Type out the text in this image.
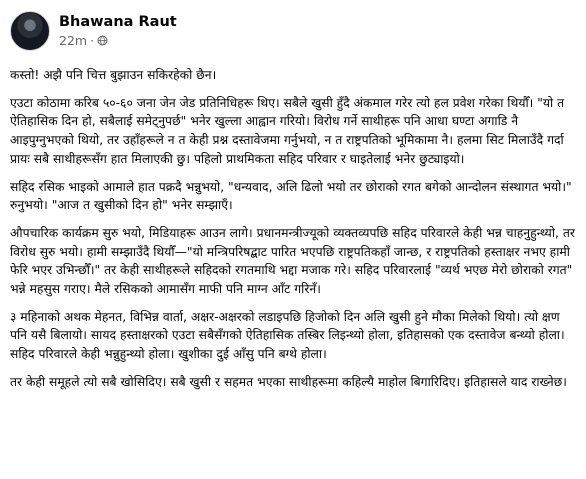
Bhawana Raut
22m ·

कस्तो! अझै पनि चित्त बुझाउन सकिरहेको छैन।

एउटा कोठामा करिब ५०-६० जना जेन जेड प्रतिनिधिहरू थिए। सबैले खुसी हुँदै अंकमाल गरेर त्यो हल प्रवेश गरेका थियौँ। "यो त ऐतिहासिक दिन हो, सबैलाई समेट्नुपर्छ" भनेर खुल्ला आह्वान गरियो। विरोध गर्ने साथीहरू पनि आधा घण्टा अगाडि नै आइपुग्नुभएको थियो, तर उहाँहरूले न त केही प्रश्न दस्तावेजमा गर्नुभयो, न त राष्ट्रपतिको भूमिकामा नै। हलमा सिट मिलाउँदै गर्दा प्रायः सबै साथीहरूसँग हात मिलाएकी छु। पहिलो प्राथमिकता सहिद परिवार र घाइतेलाई भनेर छुट्याइयो।

सहिद रसिक भाइको आमाले हात पक्रदै भन्नुभयो, "धन्यवाद, अलि ढिलो भयो तर छोराको रगत बगेको आन्दोलन संस्थागत भयो।" रुनुभयो। "आज त खुसीको दिन हो" भनेर सम्झाएँ।

औपचारिक कार्यक्रम सुरु भयो, मिडियाहरू आउन लागे। प्रधानमन्त्रीज्यूको व्यक्तव्यपछि सहिद परिवारले केही भन्न चाहनुहुन्थ्यो, तर विरोध सुरु भयो। हामी सम्झाउँदै थियौँ—"यो मन्त्रिपरिषद्बाट पारित भएपछि राष्ट्रपतिकहाँ जान्छ, र राष्ट्रपतिको हस्ताक्षर नभए हामी फेरि भएर उभिन्छौँ।" तर केही साथीहरूले सहिदको रगतमाथि भद्दा मजाक गरे। सहिद परिवारलाई "व्यर्थ भएछ मेरो छोराको रगत" भन्ने महसुस गराए। मैले रसिकको आमासँग माफी पनि माग्न आँट गरिनँ।

३ महिनाको अथक मेहनत, विभिन्न वार्ता, अक्षर-अक्षरको लडाइपछि हिजोको दिन अलि खुसी हुने मौका मिलेको थियो। त्यो क्षण पनि यसै बिलायो। सायद हस्ताक्षरको एउटा सबैसँगको ऐतिहासिक तस्बिर लिइन्थ्यो होला, इतिहासको एक दस्तावेज बन्थ्यो होला। सहिद परिवारले केही भन्नुहुन्थ्यो होला। खुशीका दुई आँसु पनि बग्थे होला।

तर केही समूहले त्यो सबै खोसिदिए। सबै खुसी र सहमत भएका साथीहरूमा कहिल्यै माहोल बिगारिदिए। इतिहासले याद राख्नेछ।
